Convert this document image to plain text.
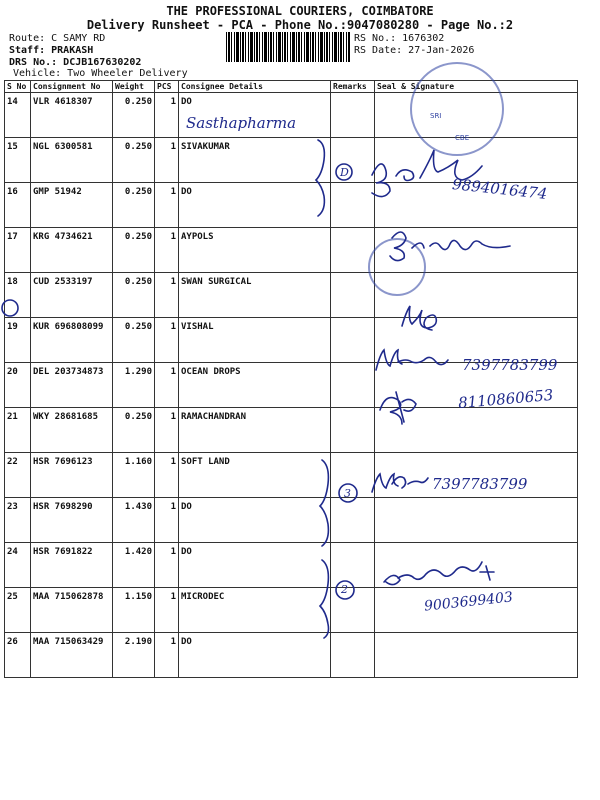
THE PROFESSIONAL COURIERS, COIMBATORE
Delivery Runsheet - PCA - Phone No.:9047080280 - Page No.:2
Route: C SAMY RD
Staff: PRAKASH
DRS No.: DCJB167630202
Vehicle: Two Wheeler Delivery
RS No.: 1676302
RS Date: 27-Jan-2026
S No	Consignment No	Weight	PCS	Consignee Details	Remarks	Seal & Signature
14	VLR 4618307	0.250	1	DO		
15	NGL 6300581	0.250	1	SIVAKUMAR		
16	GMP 51942	0.250	1	DO		
17	KRG 4734621	0.250	1	AYPOLS		
18	CUD 2533197	0.250	1	SWAN SURGICAL		
19	KUR 696808099	0.250	1	VISHAL		
20	DEL 203734873	1.290	1	OCEAN DROPS		
21	WKY 28681685	0.250	1	RAMACHANDRAN		
22	HSR 7696123	1.160	1	SOFT LAND		
23	HSR 7698290	1.430	1	DO		
24	HSR 7691822	1.420	1	DO		
25	MAA 715062878	1.150	1	MICRODEC		
26	MAA 715063429	2.190	1	DO		
SRI
CBE
Sasthapharma
D
9894016474
7397783799
8110860653
7397783799
3
2	9003699403
